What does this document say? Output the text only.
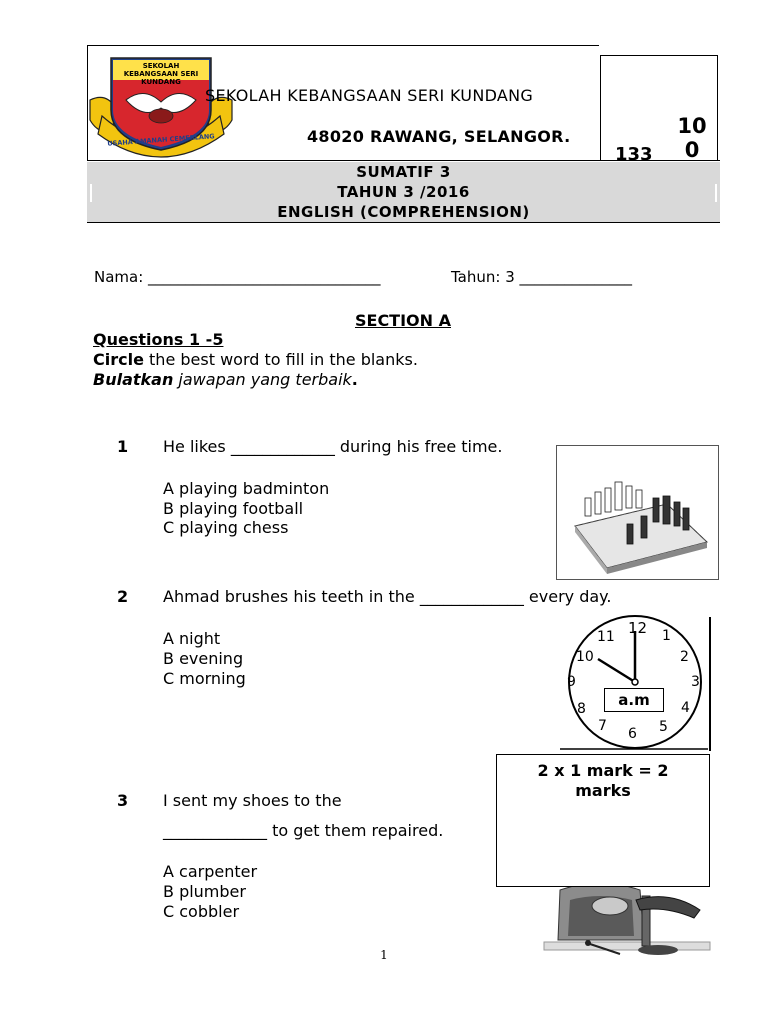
SEKOLAH KEBANGSAAN SERI KUNDANG
USAHA AMANAH CEMERLANG
SEKOLAH KEBANGSAAN SERI KUNDANG
48020 RAWANG, SELANGOR.	10 0
133
SUMATIF 3
TAHUN 3 /2016
ENGLISH (COMPREHENSION)
Nama: _______________________________	Tahun: 3 _______________
SECTION A
Questions 1 -5
Circle the best word to fill in the blanks.
Bulatkan jawapan yang terbaik.
1 He likes _____________ during his free time.
A playing badminton
B playing football
C playing chess
2 Ahmad brushes his teeth in the _____________ every day.
A night
B evening
C morning
12 1
2
3
4
5
6
7
8
9
10
11
a.m
3 I sent my shoes to the
_____________ to get them repaired.
A carpenter
B plumber
C cobbler
2 x 1 mark = 2
marks
1
